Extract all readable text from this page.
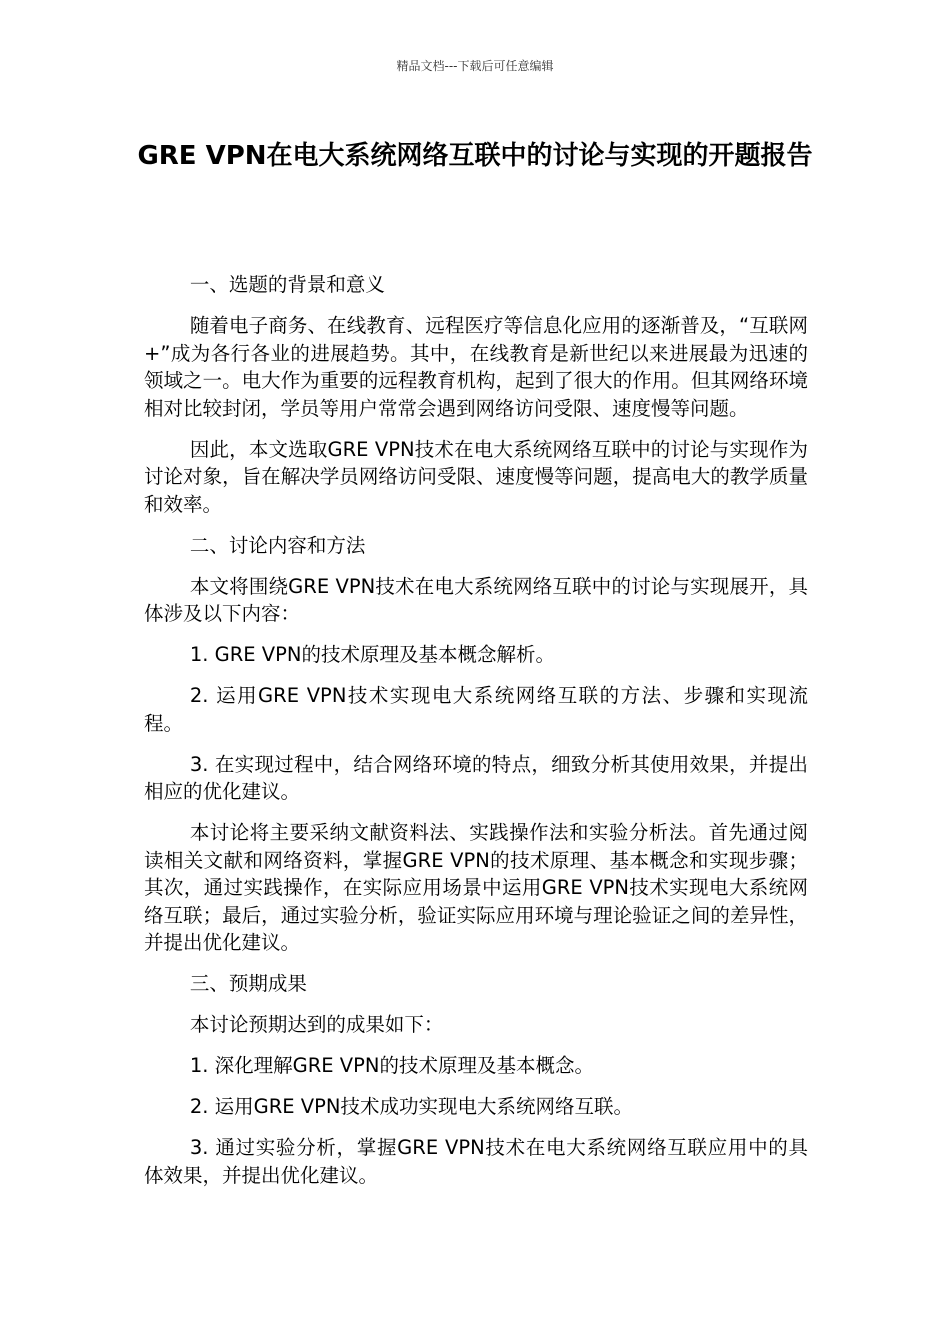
精品文档---下载后可任意编辑
GRE VPN在电大系统网络互联中的讨论与实现的开题报告

一、选题的背景和意义

随着电子商务、在线教育、远程医疗等信息化应用的逐渐普及，“互联网+”成为各行各业的进展趋势。其中，在线教育是新世纪以来进展最为迅速的领域之一。电大作为重要的远程教育机构，起到了很大的作用。但其网络环境相对比较封闭，学员等用户常常会遇到网络访问受限、速度慢等问题。

因此，本文选取GRE VPN技术在电大系统网络互联中的讨论与实现作为讨论对象，旨在解决学员网络访问受限、速度慢等问题，提高电大的教学质量和效率。

二、讨论内容和方法

本文将围绕GRE VPN技术在电大系统网络互联中的讨论与实现展开，具体涉及以下内容：

1. GRE VPN的技术原理及基本概念解析。

2. 运用GRE VPN技术实现电大系统网络互联的方法、步骤和实现流程。

3. 在实现过程中，结合网络环境的特点，细致分析其使用效果，并提出相应的优化建议。

本讨论将主要采纳文献资料法、实践操作法和实验分析法。首先通过阅读相关文献和网络资料，掌握GRE VPN的技术原理、基本概念和实现步骤；其次，通过实践操作，在实际应用场景中运用GRE VPN技术实现电大系统网络互联；最后，通过实验分析，验证实际应用环境与理论验证之间的差异性，并提出优化建议。

三、预期成果

本讨论预期达到的成果如下：

1. 深化理解GRE VPN的技术原理及基本概念。

2. 运用GRE VPN技术成功实现电大系统网络互联。

3. 通过实验分析，掌握GRE VPN技术在电大系统网络互联应用中的具体效果，并提出优化建议。
